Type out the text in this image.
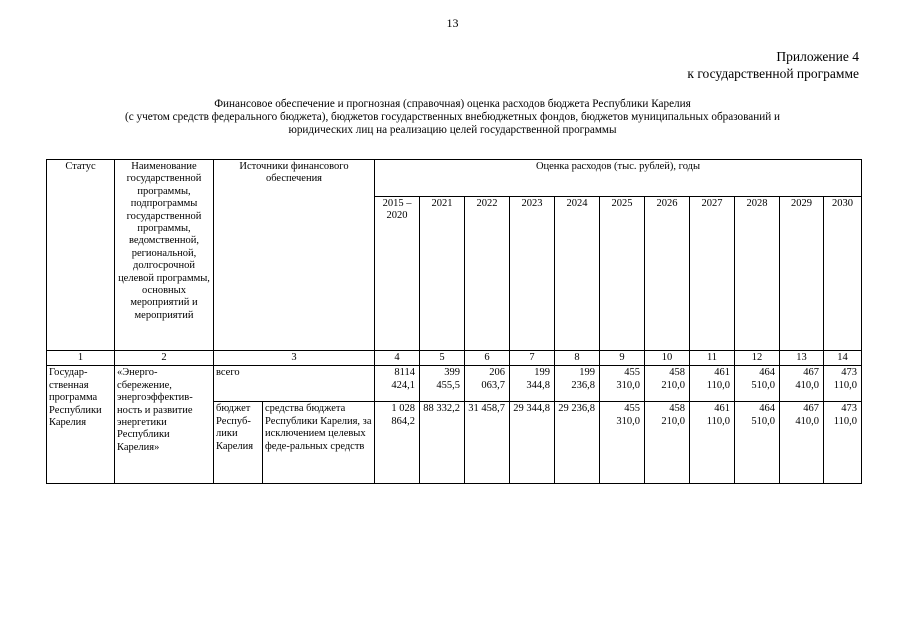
13
Приложение 4
к государственной программе
Финансовое обеспечение и прогнозная (справочная) оценка расходов бюджета Республики Карелия
(с учетом средств федерального бюджета), бюджетов государственных внебюджетных фондов, бюджетов муниципальных образований и
юридических лиц на реализацию целей государственной программы
Статус	Наименование государственной программы, подпрограммы государственной программы, ведомственной, региональной, долгосрочной целевой программы, основных мероприятий и мероприятий	Источники финансового обеспечения		Оценка расходов (тыс. рублей), годы										
				2015 – 2020	2021	2022	2023	2024	2025	2026	2027	2028	2029	2030
1	2	3		4	5	6	7	8	9	10	11	12	13	14
Государ-ственная программа Республики Карелия	«Энерго-сбережение, энергоэффектив-ность и развитие энергетики Республики Карелия»	всего		8114 424,1	399 455,5	206 063,7	199 344,8	199 236,8	455 310,0	458 210,0	461 110,0	464 510,0	467 410,0	473 110,0
		бюджет Респуб-лики Карелия	средства бюджета Республики Карелия, за исключением целевых феде-ральных средств	1 028 864,2	88 332,2	31 458,7	29 344,8	29 236,8	455 310,0	458 210,0	461 110,0	464 510,0	467 410,0	473 110,0
